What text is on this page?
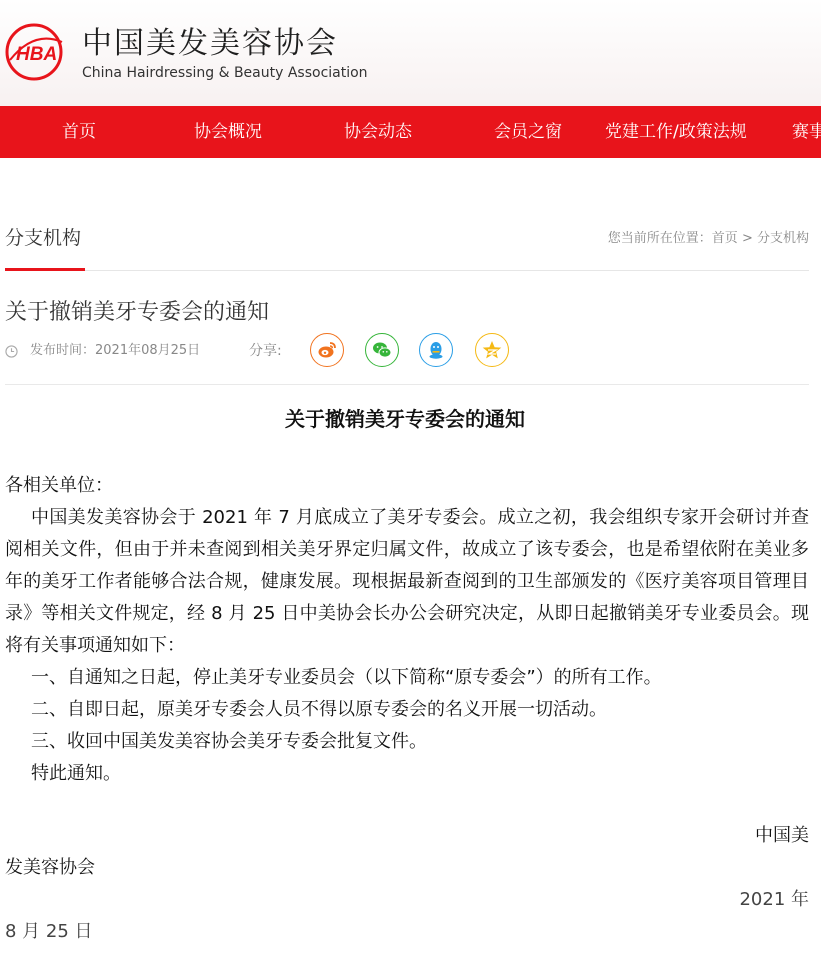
HBA 中国美发美容协会
China Hairdressing & Beauty Association
首页	协会概况	协会动态	会员之窗	党建工作/政策法规	赛事
分支机构	您当前所在位置：首页 > 分支机构
关于撤销美牙专委会的通知
发布时间： 2021年08月25日	分享:
关于撤销美牙专委会的通知
各相关单位：
中国美发美容协会于 2021 年 7 月底成立了美牙专委会。成立之初，我会组织专家开会研讨并查阅相关文件，但由于并未查阅到相关美牙界定归属文件，故成立了该专委会，也是希望依附在美业多年的美牙工作者能够合法合规，健康发展。现根据最新查阅到的卫生部颁发的《医疗美容项目管理目录》等相关文件规定，经 8 月 25 日中美协会长办公会研究决定，从即日起撤销美牙专业委员会。现将有关事项通知如下：
一、自通知之日起，停止美牙专业委员会（以下简称“原专委会”）的所有工作。
二、自即日起，原美牙专委会人员不得以原专委会的名义开展一切活动。
三、收回中国美发美容协会美牙专委会批复文件。
特此通知。
中国美
发美容协会
2021 年
8 月 25 日
